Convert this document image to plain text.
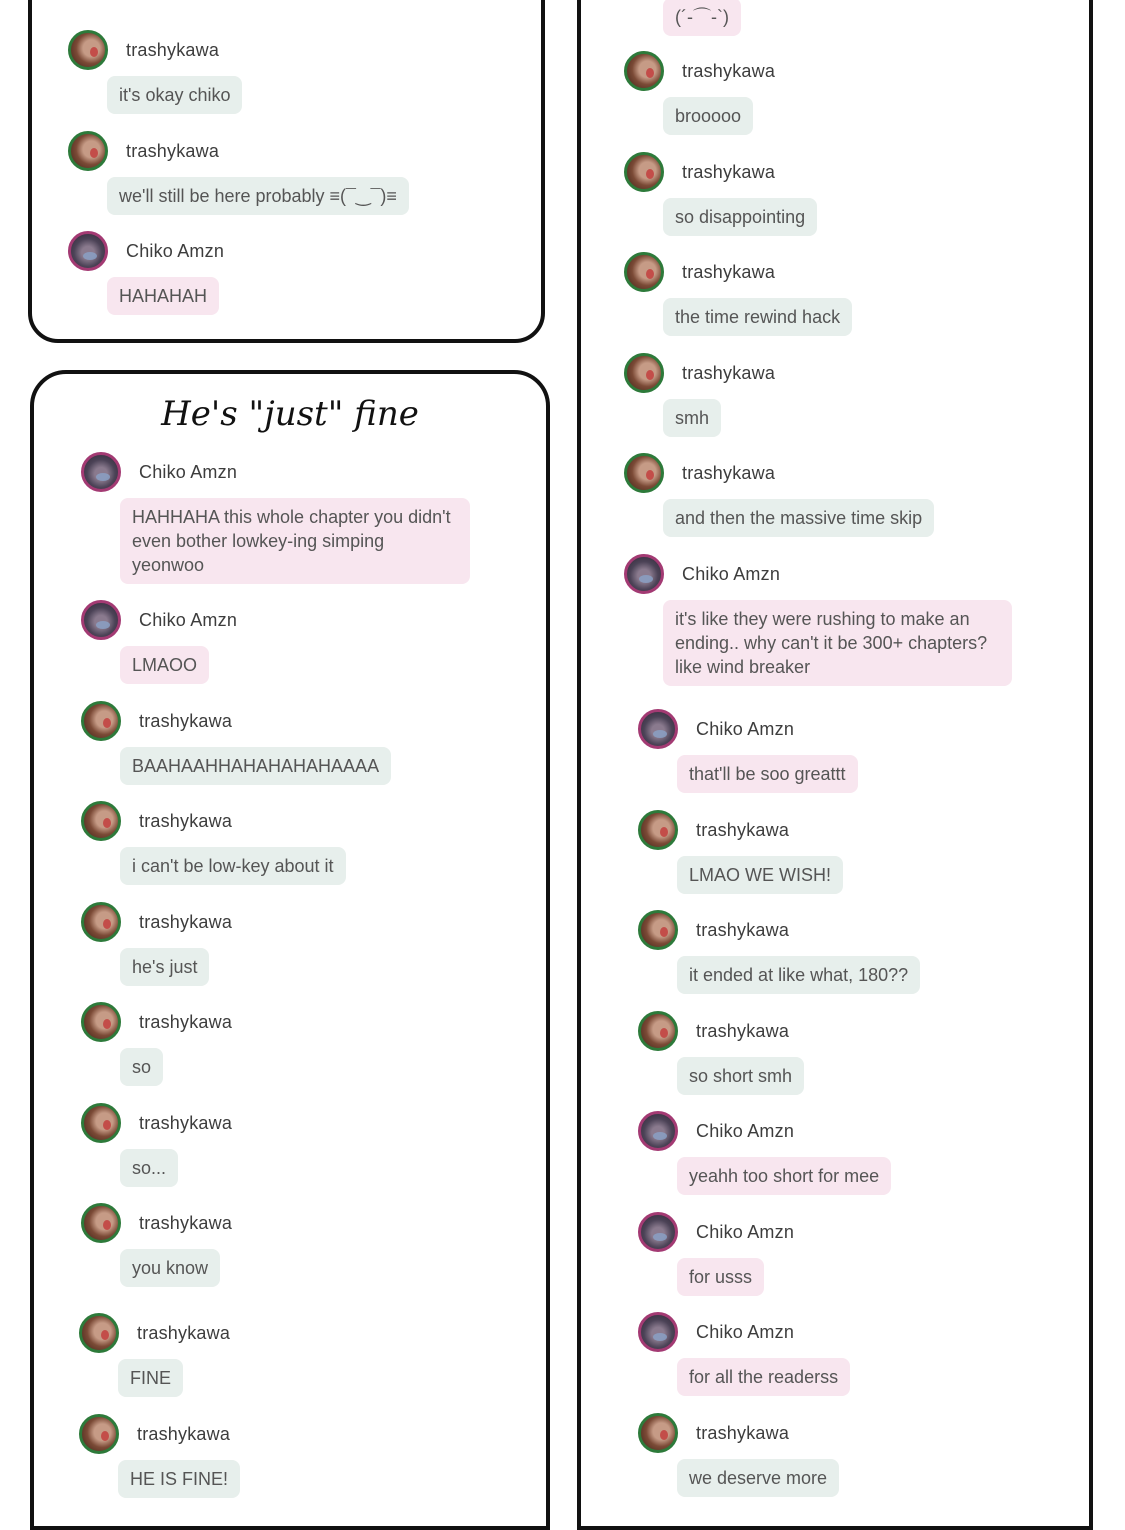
trashykawa
it's okay chiko
trashykawa
we'll still be here probably ≡(¯‿¯)≡
Chiko Amzn
HAHAHAH
He's "just" fine
Chiko Amzn
HAHHAHA this whole chapter you didn't even bother lowkey-ing simping yeonwoo
Chiko Amzn
LMAOO
trashykawa
BAAHAAHHAHAHAHAHAAAA
trashykawa
i can't be low-key about it
trashykawa
he's just
trashykawa
so
trashykawa
so...
trashykawa
you know
trashykawa
FINE
trashykawa
HE IS FINE!
(´-⌒-`)
trashykawa
brooooo
trashykawa
so disappointing
trashykawa
the time rewind hack
trashykawa
smh
trashykawa
and then the massive time skip
Chiko Amzn
it's like they were rushing to make an ending.. why can't it be 300+ chapters? like wind breaker
Chiko Amzn
that'll be soo greattt
trashykawa
LMAO WE WISH!
trashykawa
it ended at like what, 180??
trashykawa
so short smh
Chiko Amzn
yeahh too short for mee
Chiko Amzn
for usss
Chiko Amzn
for all the readerss
trashykawa
we deserve more
